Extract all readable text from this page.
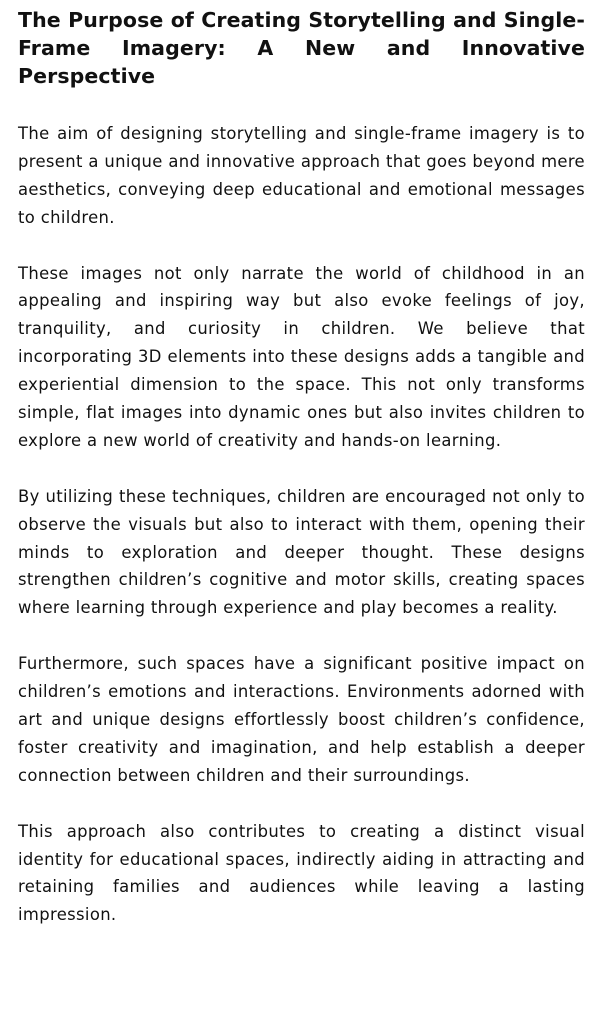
The Purpose of Creating Storytelling and Single-Frame Imagery: A New and Innovative Perspective

The aim of designing storytelling and single-frame imagery is to present a unique and innovative approach that goes beyond mere aesthetics, conveying deep educational and emotional messages to children.

These images not only narrate the world of childhood in an appealing and inspiring way but also evoke feelings of joy, tranquility, and curiosity in children. We believe that incorporating 3D elements into these designs adds a tangible and experiential dimension to the space. This not only transforms simple, flat images into dynamic ones but also invites children to explore a new world of creativity and hands-on learning.

By utilizing these techniques, children are encouraged not only to observe the visuals but also to interact with them, opening their minds to exploration and deeper thought. These designs strengthen children’s cognitive and motor skills, creating spaces where learning through experience and play becomes a reality.

Furthermore, such spaces have a significant positive impact on children’s emotions and interactions. Environments adorned with art and unique designs effortlessly boost children’s confidence, foster creativity and imagination, and help establish a deeper connection between children and their surroundings.

This approach also contributes to creating a distinct visual identity for educational spaces, indirectly aiding in attracting and retaining families and audiences while leaving a lasting impression.
